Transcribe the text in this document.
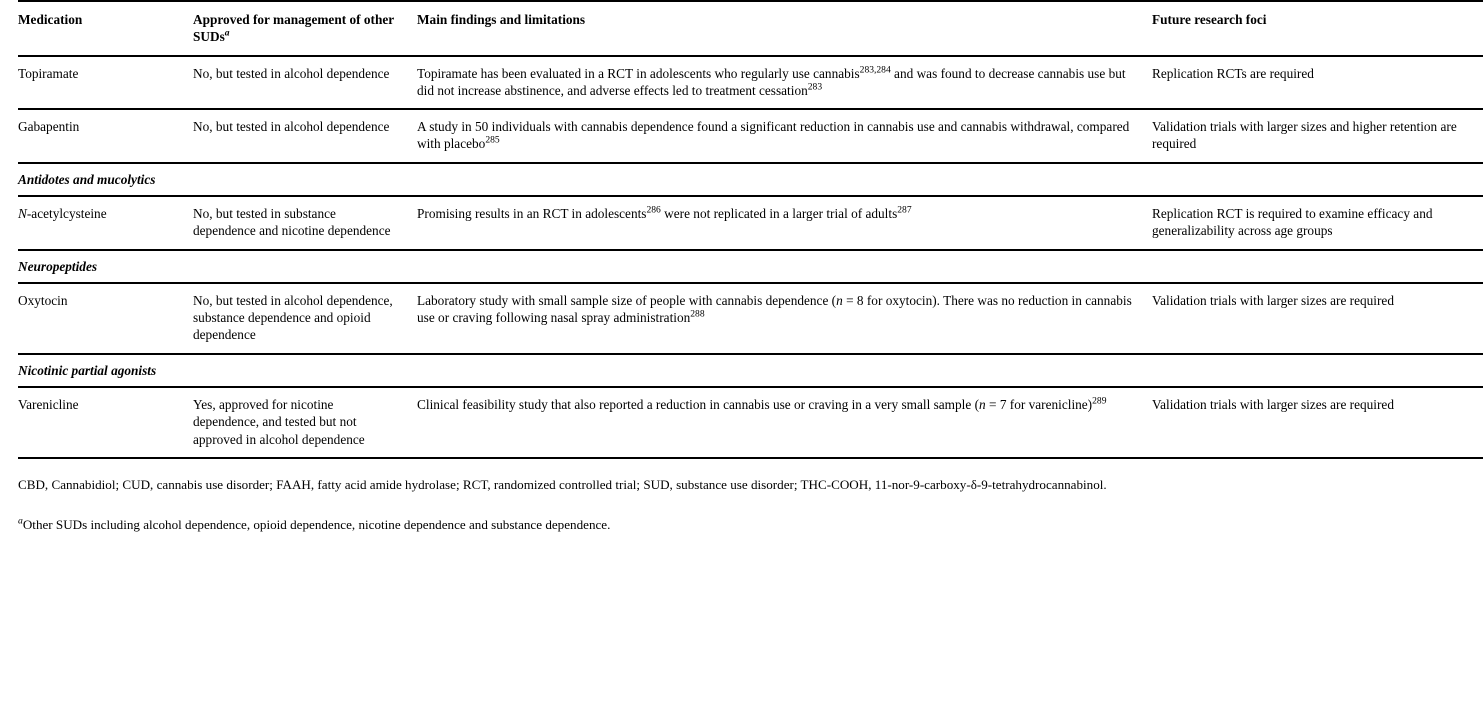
Medication	Approved for management of other SUDs$^a$	Main findings and limitations	Future research foci
Topiramate	No, but tested in alcohol dependence	Topiramate has been evaluated in a RCT in adolescents who regularly use cannabis$^{283,284}$ and was found to decrease cannabis use but did not increase abstinence, and adverse effects led to treatment cessation$^{283}$	Replication RCTs are required
Gabapentin	No, but tested in alcohol dependence	A study in 50 individuals with cannabis dependence found a significant reduction in cannabis use and cannabis withdrawal, compared with placebo$^{285}$	Validation trials with larger sizes and higher retention are required
Antidotes and mucolytics			
N-acetylcysteine	No, but tested in substance dependence and nicotine dependence	Promising results in an RCT in adolescents$^{286}$ were not replicated in a larger trial of adults$^{287}$	Replication RCT is required to examine efficacy and generalizability across age groups
Neuropeptides			
Oxytocin	No, but tested in alcohol dependence, substance dependence and opioid dependence	Laboratory study with small sample size of people with cannabis dependence (n = 8 for oxytocin). There was no reduction in cannabis use or craving following nasal spray administration$^{288}$	Validation trials with larger sizes are required
Nicotinic partial agonists			
Varenicline	Yes, approved for nicotine dependence, and tested but not approved in alcohol dependence	Clinical feasibility study that also reported a reduction in cannabis use or craving in a very small sample (n = 7 for varenicline)$^{289}$	Validation trials with larger sizes are required

CBD, Cannabidiol; CUD, cannabis use disorder; FAAH, fatty acid amide hydrolase; RCT, randomized controlled trial; SUD, substance use disorder; THC-COOH, 11-nor-9-carboxy-δ-9-tetrahydrocannabinol.

$^a$Other SUDs including alcohol dependence, opioid dependence, nicotine dependence and substance dependence.
